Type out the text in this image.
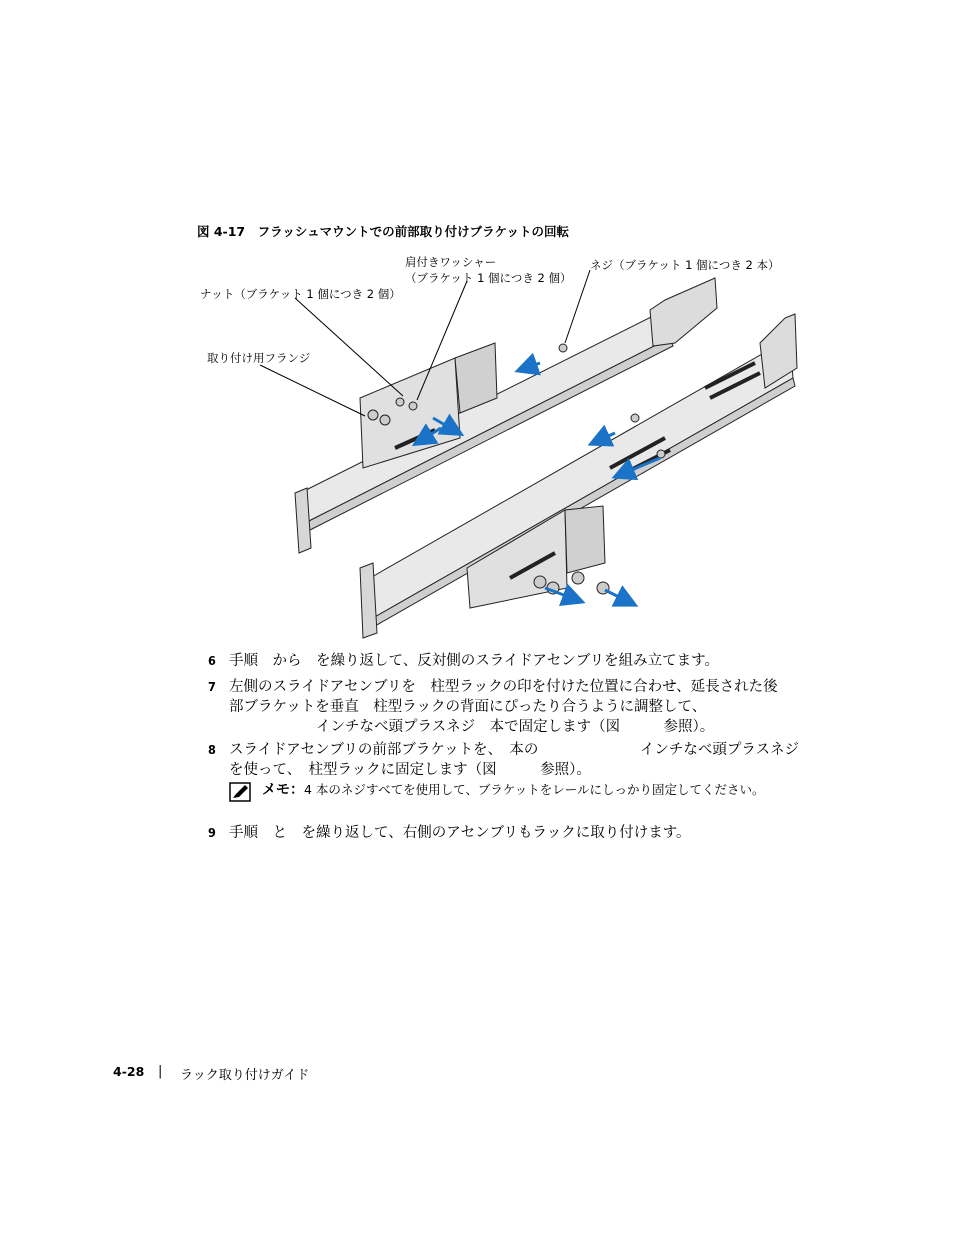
図 4-17　フラッシュマウントでの前部取り付けブラケットの回転
肩付きワッシャー
（ブラケット 1 個につき 2 個）
ネジ（ブラケット 1 個につき 2 本）
ナット（ブラケット 1 個につき 2 個）
取り付け用フランジ
6 手順　から　を繰り返して、反対側のスライドアセンブリを組み立てます。
7 左側のスライドアセンブリを　柱型ラックの印を付けた位置に合わせ、延長された後
部ブラケットを垂直　柱型ラックの背面にぴったり合うように調整して、
　　　　　　インチなべ頭プラスネジ　本で固定します（図　　　参照）。
8 スライドアセンブリの前部ブラケットを、　本の　　　　　　　インチなべ頭プラスネジ
を使って、　柱型ラックに固定します（図　　　参照）。
メモ：4 本のネジすべてを使用して、ブラケットをレールにしっかり固定してください。
9 手順　と　を繰り返して、右側のアセンブリもラックに取り付けます。
4-28 | ラック取り付けガイド
